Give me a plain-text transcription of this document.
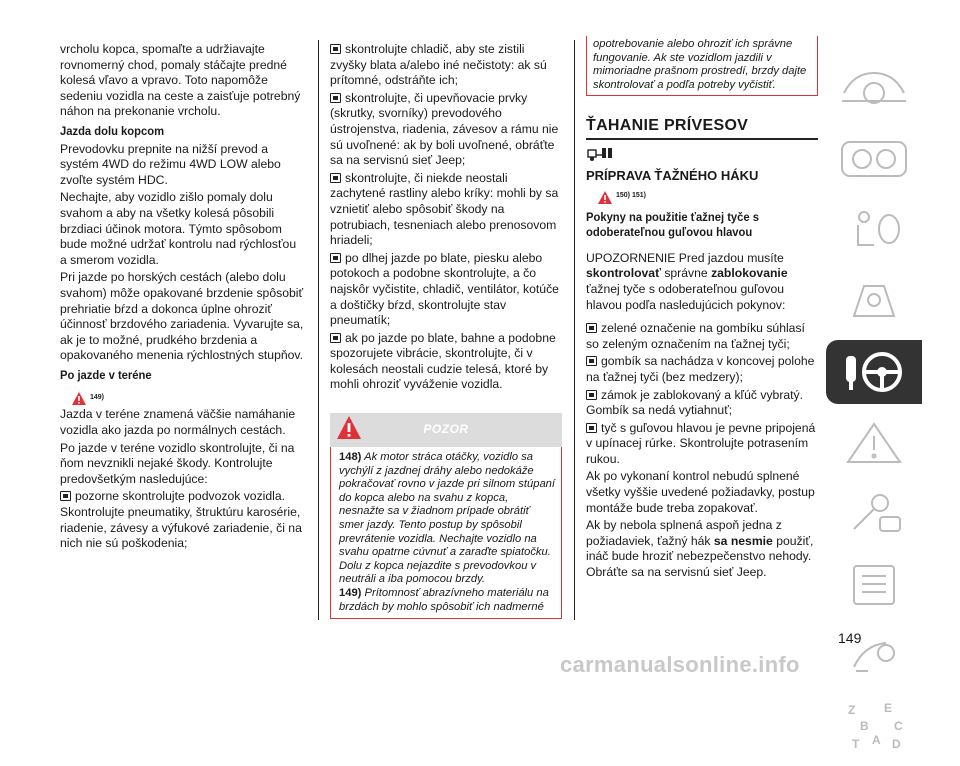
vrcholu kopca, spomaľte a udržiavajte rovnomerný chod, pomaly stáčajte predné kolesá vľavo a vpravo. Toto napomôže sedeniu vozidla na ceste a zaisťuje potrebný náhon na prekonanie vrcholu.

Jazda dolu kopcom

Prevodovku prepnite na nižší prevod a systém 4WD do režimu 4WD LOW alebo zvoľte systém HDC.

Nechajte, aby vozidlo zišlo pomaly dolu svahom a aby na všetky kolesá pôsobili brzdiaci účinok motora. Týmto spôsobom bude možné udržať kontrolu nad rýchlosťou a smerom vozidla.

Pri jazde po horských cestách (alebo dolu svahom) môže opakované brzdenie spôsobiť prehriatie bŕzd a dokonca úplne ohroziť účinnosť brzdového zariadenia. Vyvarujte sa, ak je to možné, prudkého brzdenia a opakovaného menenia rýchlostných stupňov.

Po jazde v teréne
149)

Jazda v teréne znamená väčšie namáhanie vozidla ako jazda po normálnych cestách.

Po jazde v teréne vozidlo skontrolujte, či na ňom nevznikli nejaké škody. Kontrolujte predovšetkým nasledujúce:

pozorne skontrolujte podvozok vozidla. Skontrolujte pneumatiky, štruktúru karosérie, riadenie, závesy a výfukové zariadenie, či na nich nie sú poškodenia;

skontrolujte chladič, aby ste zistili zvyšky blata a/alebo iné nečistoty: ak sú prítomné, odstráňte ich;

skontrolujte, či upevňovacie prvky (skrutky, svorníky) prevodového ústrojenstva, riadenia, závesov a rámu nie sú uvoľnené: ak by boli uvoľnené, obráťte sa na servisnú sieť Jeep;

skontrolujte, či niekde neostali zachytené rastliny alebo kríky: mohli by sa vznietiť alebo spôsobiť škody na potrubiach, tesneniach alebo prenosovom hriadeli;

po dlhej jazde po blate, piesku alebo potokoch a podobne skontrolujte, a čo najskôr vyčistite, chladič, ventilátor, kotúče a doštičky bŕzd, skontrolujte stav pneumatík;

ak po jazde po blate, bahne a podobne spozorujete vibrácie, skontrolujte, či v kolesách neostali cudzie telesá, ktoré by mohli ohroziť vyváženie vozidla.

POZOR
148) Ak motor stráca otáčky, vozidlo sa vychýlí z jazdnej dráhy alebo nedokáže pokračovať rovno v jazde pri silnom stúpaní do kopca alebo na svahu z kopca, nesnažte sa v žiadnom prípade obrátiť smer jazdy. Tento postup by spôsobil prevrátenie vozidla. Nechajte vozidlo na svahu opatrne cúvnuť a zaraďte spiatočku. Dolu z kopca nejazdite s prevodovkou v neutráli a iba pomocou brzdy.
149) Prítomnosť abrazívneho materiálu na brzdách by mohlo spôsobiť ich nadmerné
opotrebovanie alebo ohroziť ich správne fungovanie. Ak ste vozidlom jazdili v mimoriadne prašnom prostredí, brzdy dajte skontrolovať a podľa potreby vyčistiť.
ŤAHANIE PRÍVESOV
PRÍPRAVA ŤAŽNÉHO HÁKU
150) 151)
Pokyny na použitie ťažnej tyče s odoberateľnou guľovou hlavou

UPOZORNENIE Pred jazdou musíte skontrolovať správne zablokovanie ťažnej tyče s odoberateľnou guľovou hlavou podľa nasledujúcich pokynov:

zelené označenie na gombíku súhlasí so zeleným označením na ťažnej tyči;

gombík sa nachádza v koncovej polohe na ťažnej tyči (bez medzery);

zámok je zablokovaný a kľúč vybratý. Gombík sa nedá vytiahnuť;

tyč s guľovou hlavou je pevne pripojená v upínacej rúrke. Skontrolujte potrasením rukou.

Ak po vykonaní kontrol nebudú splnené všetky vyššie uvedené požiadavky, postup montáže bude treba zopakovať.

Ak by nebola splnená aspoň jedna z požiadaviek, ťažný hák sa nesmie použiť, ináč bude hroziť nebezpečenstvo nehody. Obráťte sa na servisnú sieť Jeep.

Z E
B C
T A D
149
carmanualsonline.info
